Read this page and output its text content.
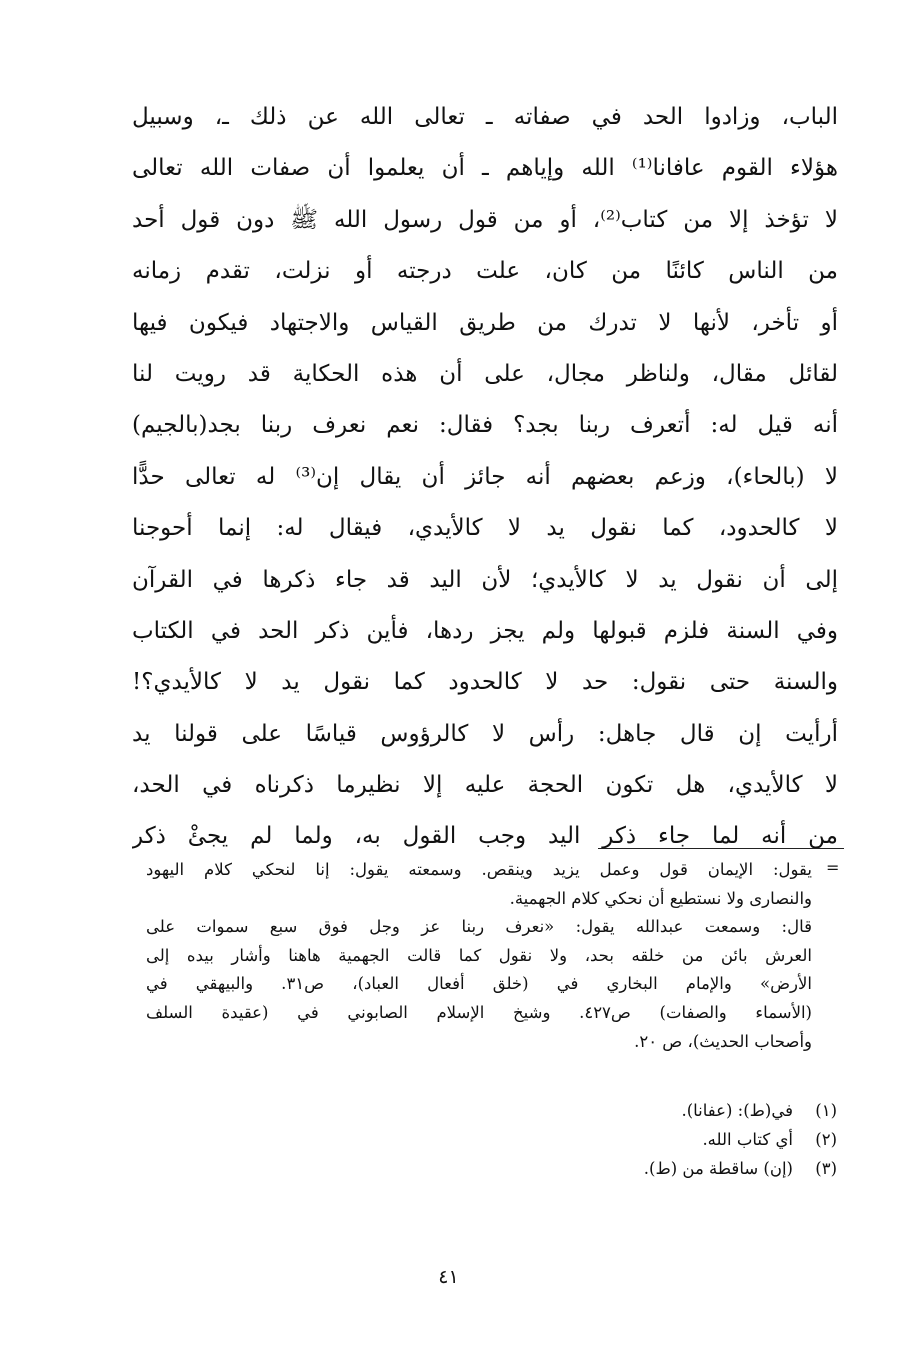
الباب، وزادوا الحد في صفاته ـ تعالى الله عن ذلك ـ، وسبيل
هؤلاء القوم عافانا⁽¹⁾ الله وإياهم ـ أن يعلموا أن صفات الله تعالى
لا تؤخذ إلا من كتاب⁽²⁾، أو من قول رسول الله ﷺ دون قول أحد
من الناس كائنًا من كان، علت درجته أو نزلت، تقدم زمانه
أو تأخر، لأنها لا تدرك من طريق القياس والاجتهاد فيكون فيها
لقائل مقال، ولناظر مجال، على أن هذه الحكاية قد رويت لنا
أنه قيل له: أتعرف ربنا بجد؟ فقال: نعم نعرف ربنا بجد(بالجيم)
لا (بالحاء)، وزعم بعضهم أنه جائز أن يقال إن⁽³⁾ له تعالى حدًّا
لا كالحدود، كما نقول يد لا كالأيدي، فيقال له: إنما أحوجنا
إلى أن نقول يد لا كالأيدي؛ لأن اليد قد جاء ذكرها في القرآن
وفي السنة فلزم قبولها ولم يجز ردها، فأين ذكر الحد في الكتاب
والسنة حتى نقول: حد لا كالحدود كما نقول يد لا كالأيدي؟!
أرأيت إن قال جاهل: رأس لا كالرؤوس قياسًا على قولنا يد
لا كالأيدي، هل تكون الحجة عليه إلا نظيرما ذكرناه في الحد،
من أنه لما جاء ذكر اليد وجب القول به، ولما لم يجئْ ذكر
=
يقول: الإيمان قول وعمل يزيد وينقص. وسمعته يقول: إنا لنحكي كلام اليهود
والنصارى ولا نستطيع أن نحكي كلام الجهمية.
قال: وسمعت عبدالله يقول: «نعرف ربنا عز وجل فوق سبع سموات على
العرش بائن من خلقه بحد، ولا نقول كما قالت الجهمية هاهنا وأشار بيده إلى
الأرض» والإمام البخاري في (خلق أفعال العباد)، ص٣١. والبيهقي في
(الأسماء والصفات) ص٤٢٧. وشيخ الإسلام الصابوني في (عقيدة السلف
وأصحاب الحديث)، ص ٢٠.
(١)
في(ط): (عفانا).
(٢)
أي كتاب الله.
(٣)
(إن) ساقطة من (ط).
٤١
